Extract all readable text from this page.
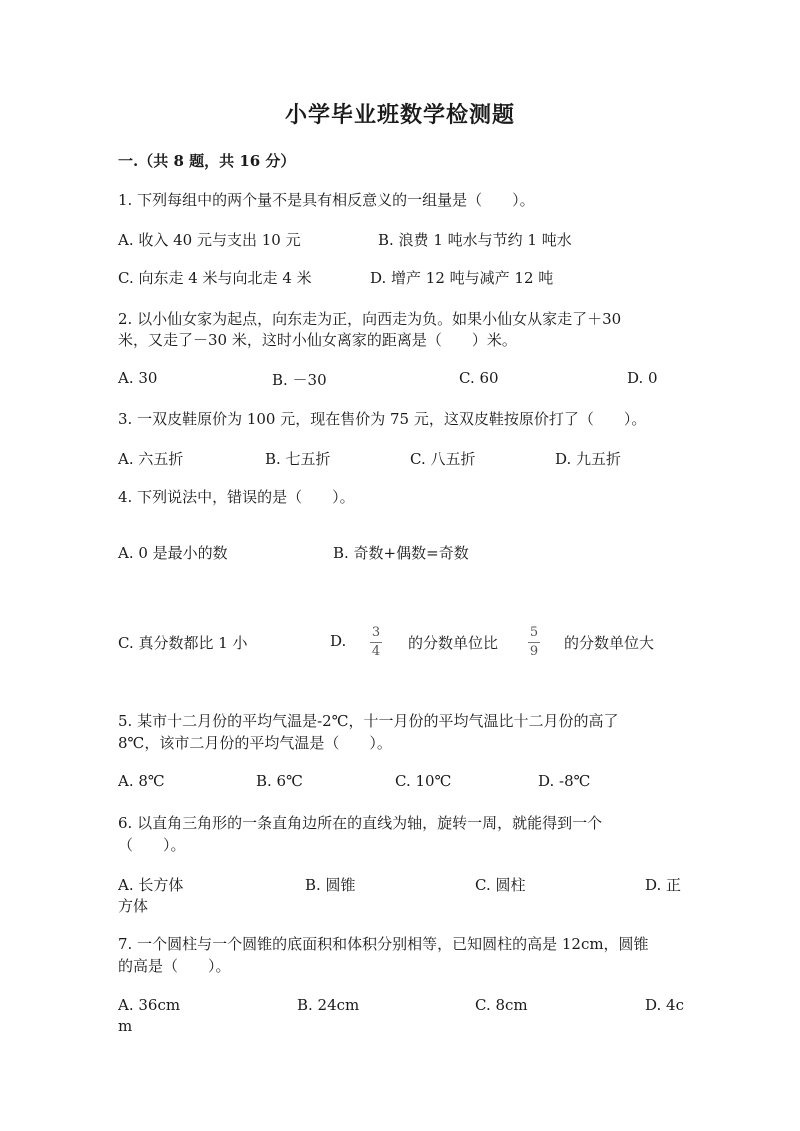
小学毕业班数学检测题
一.（共 8 题，共 16 分）
1. 下列每组中的两个量不是具有相反意义的一组量是（　　）。
A. 收入 40 元与支出 10 元	B. 浪费 1 吨水与节约 1 吨水
C. 向东走 4 米与向北走 4 米	D. 增产 12 吨与减产 12 吨
2. 以小仙女家为起点，向东走为正，向西走为负。如果小仙女从家走了＋30
米，又走了－30 米，这时小仙女离家的距离是（　　）米。
A. 30	B. －30	C. 60	D. 0
3. 一双皮鞋原价为 100 元，现在售价为 75 元，这双皮鞋按原价打了（　　）。
A. 六五折	B. 七五折	C. 八五折	D. 九五折
4. 下列说法中，错误的是（　　）。
A. 0 是最小的数	B. 奇数+偶数=奇数
C. 真分数都比 1 小	D. 3
4 的分数单位比
5
9 的分数单位大
5. 某市十二月份的平均气温是-2℃，十一月份的平均气温比十二月份的高了
8℃，该市二月份的平均气温是（　　）。
A. 8℃	B. 6℃	C. 10℃	D. -8℃
6. 以直角三角形的一条直角边所在的直线为轴，旋转一周，就能得到一个
（　　）。
A. 长方体	B. 圆锥	C. 圆柱	D. 正
方体
7. 一个圆柱与一个圆锥的底面积和体积分别相等，已知圆柱的高是 12cm，圆锥
的高是（　　）。
A. 36cm	B. 24cm	C. 8cm	D. 4c
m
